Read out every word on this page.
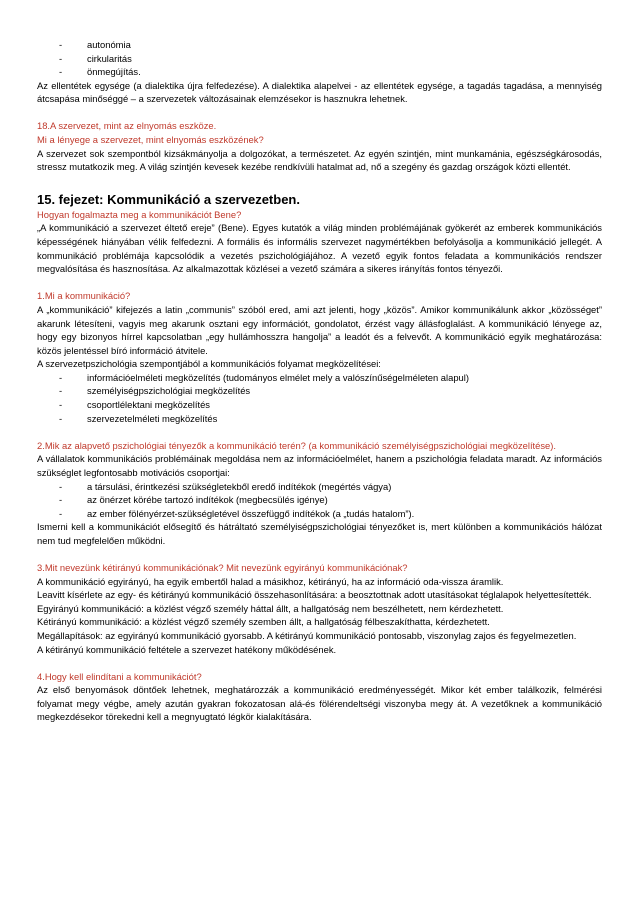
- autonómia
- cirkularitás
- önmegújítás.

Az ellentétek egysége (a dialektika újra felfedezése). A dialektika alapelvei - az ellentétek egysége, a tagadás tagadása, a mennyiség átcsapása minőséggé – a szervezetek változásainak elemzésekor is hasznukra lehetnek.

18.A szervezet, mint az elnyomás eszköze.

Mi a lényege a szervezet, mint elnyomás eszközének?

A szervezet sok szempontból kizsákmányolja a dolgozókat, a természetet. Az egyén szintjén, mint munkamánia, egészségkárosodás, stressz mutatkozik meg. A világ szintjén kevesek kezébe rendkívüli hatalmat ad, nő a szegény és gazdag országok közti ellentét.

15. fejezet: Kommunikáció a szervezetben.

Hogyan fogalmazta meg a kommunikációt Bene?

„A kommunikáció a szervezet éltető ereje” (Bene). Egyes kutatók a világ minden problémájának gyökerét az emberek kommunikációs képességének hiányában vélik felfedezni. A formális és informális szervezet nagymértékben befolyásolja a kommunikáció jellegét. A kommunikáció problémája kapcsolódik a vezetés pszichológiájához. A vezető egyik fontos feladata a kommunikációs rendszer megvalósítása és hasznosítása. Az alkalmazottak közlései a vezető számára a sikeres irányítás fontos tényezői.

1.Mi a kommunikáció?

A „kommunikáció” kifejezés a latin „communis” szóból ered, ami azt jelenti, hogy „közös”. Amikor kommunikálunk akkor „közösséget” akarunk létesíteni, vagyis meg akarunk osztani egy információt, gondolatot, érzést vagy állásfoglalást. A kommunikáció lényege az, hogy egy bizonyos hírrel kapcsolatban „egy hullámhosszra hangolja” a leadót és a felvevőt. A kommunikáció egyik meghatározása: közös jelentéssel bíró információ átvitele.

A szervezetpszichológia szempontjából a kommunikációs folyamat megközelítései:

- információelméleti megközelítés (tudományos elmélet mely a valószínűségelméleten alapul)
- személyiségpszichológiai megközelítés
- csoportlélektani megközelítés
- szervezetelméleti megközelítés

2.Mik az alapvető pszichológiai tényezők a kommunikáció terén? (a kommunikáció személyiségpszichológiai megközelítése).

A vállalatok kommunikációs problémáinak megoldása nem az információelmélet, hanem a pszichológia feladata maradt. Az információs szükséglet legfontosabb motivációs csoportjai:

- a társulási, érintkezési szükségletekből eredő indítékok (megértés vágya)
- az önérzet körébe tartozó indítékok (megbecsülés igénye)
- az ember fölényérzet-szükségletével összefüggő indítékok (a „tudás hatalom”).

Ismerni kell a kommunikációt elősegítő és hátráltató személyiségpszichológiai tényezőket is, mert különben a kommunikációs hálózat nem tud megfelelően működni.

3.Mit nevezünk kétirányú kommunikációnak? Mit nevezünk egyirányú kommunikációnak?

A kommunikáció egyirányú, ha egyik embertől halad a másikhoz, kétirányú, ha az információ oda-vissza áramlik.

Leavitt kísérlete az egy- és kétirányú kommunikáció összehasonlítására: a beosztottnak adott utasításokat téglalapok helyettesítették.

Egyirányú kommunikáció: a közlést végző személy háttal állt, a hallgatóság nem beszélhetett, nem kérdezhetett.

Kétirányú kommunikáció: a közlést végző személy szemben állt, a hallgatóság félbeszakíthatta, kérdezhetett.

Megállapítások: az egyirányú kommunikáció gyorsabb. A kétirányú kommunikáció pontosabb, viszonylag zajos és fegyelmezetlen.

A kétirányú kommunikáció feltétele a szervezet hatékony működésének.

4.Hogy kell elindítani a kommunikációt?

Az első benyomások döntőek lehetnek, meghatározzák a kommunikáció eredményességét. Mikor két ember találkozik, felmérési folyamat megy végbe, amely azután gyakran fokozatosan alá-és fölérendeltségi viszonyba megy át. A vezetőknek a kommunikáció megkezdésekor törekedni kell a megnyugtató légkör kialakítására.
